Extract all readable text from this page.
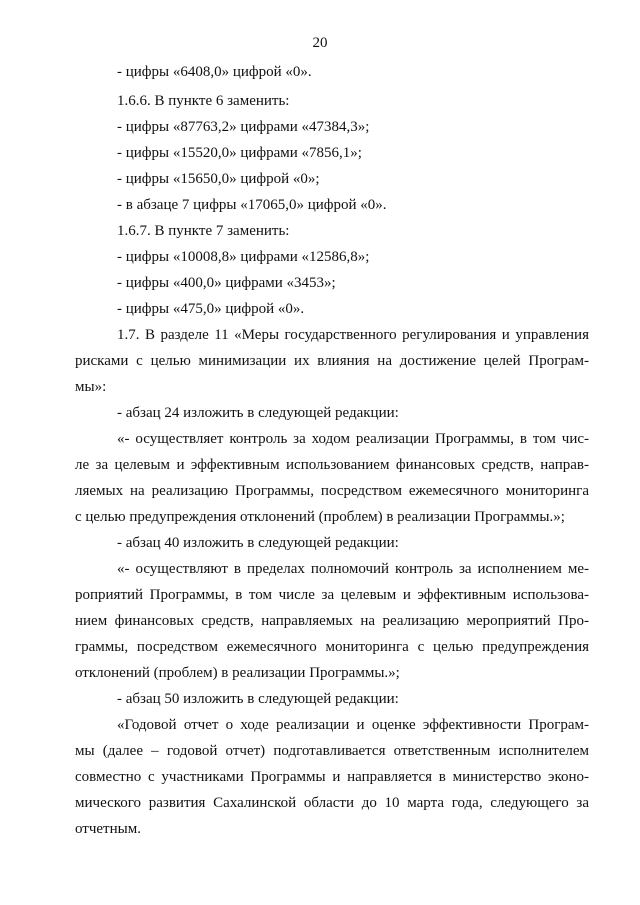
20
- цифры «6408,0» цифрой «0».
1.6.6. В пункте 6 заменить:
- цифры «87763,2» цифрами «47384,3»;
- цифры «15520,0» цифрами «7856,1»;
- цифры «15650,0» цифрой «0»;
- в абзаце 7 цифры «17065,0» цифрой «0».
1.6.7. В пункте 7 заменить:
- цифры «10008,8» цифрами «12586,8»;
- цифры «400,0» цифрами «3453»;
- цифры «475,0» цифрой «0».
1.7. В разделе 11 «Меры государственного регулирования и управления
рисками с целью минимизации их влияния на достижение целей Програм-
мы»:
- абзац 24 изложить в следующей редакции:
«- осуществляет контроль за ходом реализации Программы, в том чис-
ле за целевым и эффективным использованием финансовых средств, направ-
ляемых на реализацию Программы, посредством ежемесячного мониторинга
с целью предупреждения отклонений (проблем) в реализации Программы.»;
- абзац 40 изложить в следующей редакции:
«- осуществляют в пределах полномочий контроль за исполнением ме-
роприятий Программы, в том числе за целевым и эффективным использова-
нием финансовых средств, направляемых на реализацию мероприятий Про-
граммы, посредством ежемесячного мониторинга с целью предупреждения
отклонений (проблем) в реализации Программы.»;
- абзац 50 изложить в следующей редакции:
«Годовой отчет о ходе реализации и оценке эффективности Програм-
мы (далее – годовой отчет) подготавливается ответственным исполнителем
совместно с участниками Программы и направляется в министерство эконо-
мического развития Сахалинской области до 10 марта года, следующего за
отчетным.
